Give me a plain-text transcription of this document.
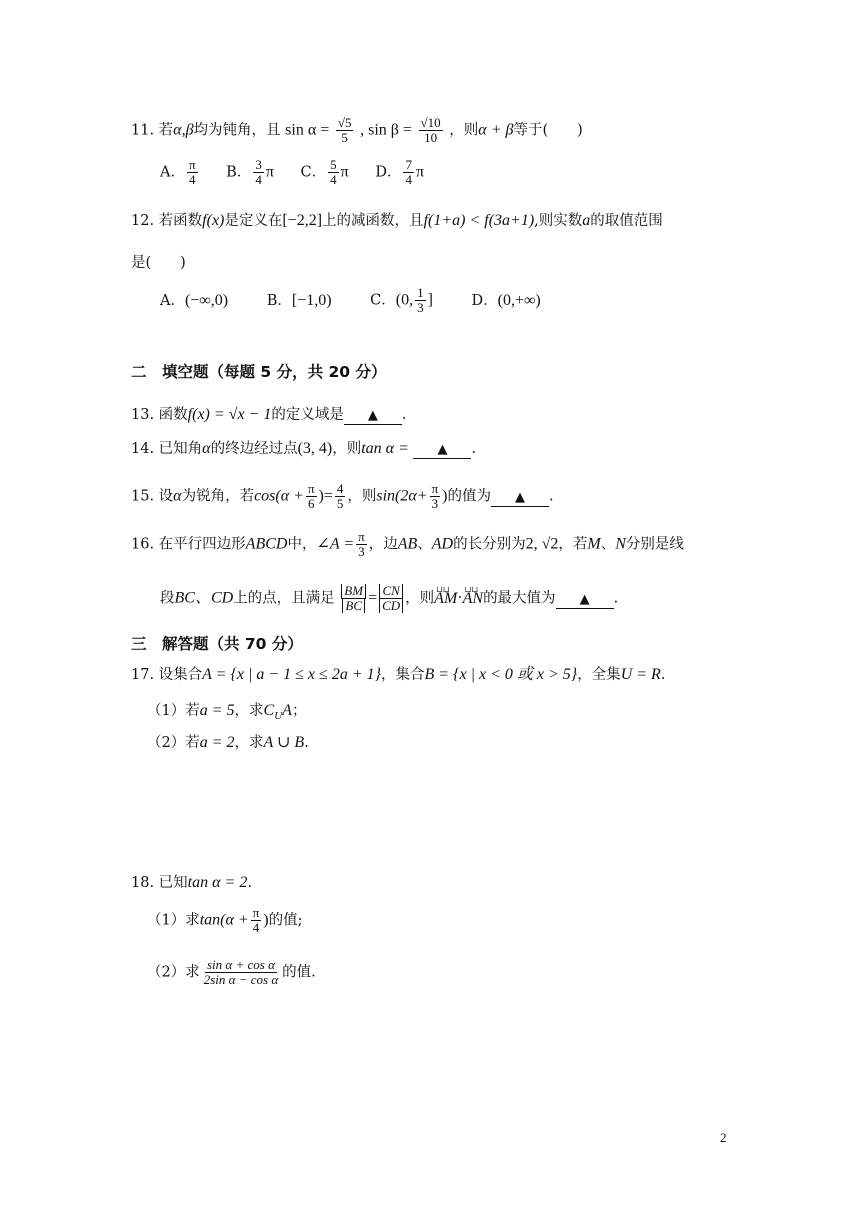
11. 若α,β均为钝角，且 $\sin \alpha = \frac{√5}{5}$ , $\sin \beta = \frac{√10}{10}$ ，则α + β等于(　　)
A． $\frac{\pi}{4}$ B． $\frac{3}{4}$ π C． $\frac{5}{4}$ π D． $\frac{7}{4}$ π
12. 若函数f(x)是定义在[−2,2]上的减函数，且f(1+a) < f(3a+1),则实数a的取值范围
是(　　)
A．(−∞,0)	B．[−1,0)	C．(0, $\frac{1}{3}$ ]	D．(0,+∞)
二　填空题（每题 5 分，共 20 分）
13. 函数f(x) = √x − 1的定义域是 ▲ .
14. 已知角α的终边经过点(3, 4)，则tan α = ▲ .
15. 设α为锐角，若$\cos(\alpha + \frac{\pi}{6}$ )= $\frac{4}{5}$ ，则$\sin(2\alpha+ \frac{\pi}{3}$ )的值为 ▲ .
16. 在平行四边形ABCD中，∠A = $\frac{\pi}{3}$ ，边AB、AD的长分别为2, √2，若M、N分别是线
段BC、CD上的点，且满足 $\frac{BM}{BC} = \frac{CN}{CD}$ ，则⊔⊔ AM·⊔⊔ AN的最大值为 ▲ .
三　解答题（共 70 分）
17. 设集合A = {x | a − 1 ≤ x ≤ 2a + 1}，集合B = {x | x < 0 或 x > 5}，全集U = R.
（1）若a = 5，求$C_UA$；
（2）若a = 2，求A ∪ B.
18. 已知tan α = 2.
（1）求$\tan(\alpha + \frac{\pi}{4}$ )的值;
（2）求 $\frac{\text{sin α + cos α}}{\text{2sin α − cos α}}$ 的值.
2
